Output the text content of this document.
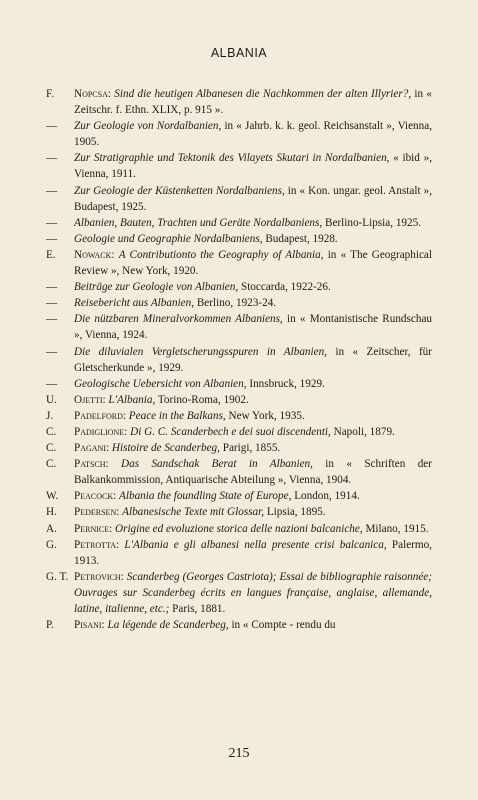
ALBANIA
F. Nopcsa: Sind die heutigen Albanesen die Nachkommen der alten Illyrier?, in « Zeitschr. f. Ethn. XLIX, p. 915 ».
— Zur Geologie von Nordalbanien, in « Jahrb. k. k. geol. Reichsanstalt », Vienna, 1905.
— Zur Stratigraphie und Tektonik des Vilayets Skutari in Nordalbanien, « ibid », Vienna, 1911.
— Zur Geologie der Küstenketten Nordalbaniens, in « Kon. ungar. geol. Anstalt », Budapest, 1925.
— Albanien, Bauten, Trachten und Geräte Nordalbaniens, Berlino-Lipsia, 1925.
— Geologie und Geographie Nordalbaniens, Budapest, 1928.
E. Nowack: A Contributionto the Geography of Albania, in « The Geographical Review », New York, 1920.
— Beiträge zur Geologie von Albanien, Stoccarda, 1922-26.
— Reisebericht aus Albanien, Berlino, 1923-24.
— Die nützbaren Mineralvorkommen Albaniens, in « Montanistische Rundschau », Vienna, 1924.
— Die diluvialen Vergletscherungsspuren in Albanien, in « Zeitscher, für Gletscherkunde », 1929.
— Geologische Uebersicht von Albanien, Innsbruck, 1929.
U. Ojetti: L'Albania, Torino-Roma, 1902.
J. Padelford: Peace in the Balkans, New York, 1935.
C. Padiglione: Di G. C. Scanderbech e dei suoi discendenti, Napoli, 1879.
C. Pagani: Histoire de Scanderbeg, Parigi, 1855.
C. Patsch: Das Sandschak Berat in Albanien, in « Schriften der Balkankommission, Antiquarische Abteilung », Vienna, 1904.
W. Peacock: Albania the foundling State of Europe, London, 1914.
H. Pedersen: Albanesische Texte mit Glossar, Lipsia, 1895.
A. Pernice: Origine ed evoluzione storica delle nazioni balcaniche, Milano, 1915.
G. Petrotta: L'Albania e gli albanesi nella presente crisi balcanica, Palermo, 1913.
G. T. Petrovich: Scanderbeg (Georges Castriota); Essai de bibliographie raisonnée; Ouvrages sur Scanderbeg écrits en langues française, anglaise, allemande, latine, italienne, etc.; Paris, 1881.
P. Pisani: La légende de Scanderbeg, in « Compte - rendu du
215
